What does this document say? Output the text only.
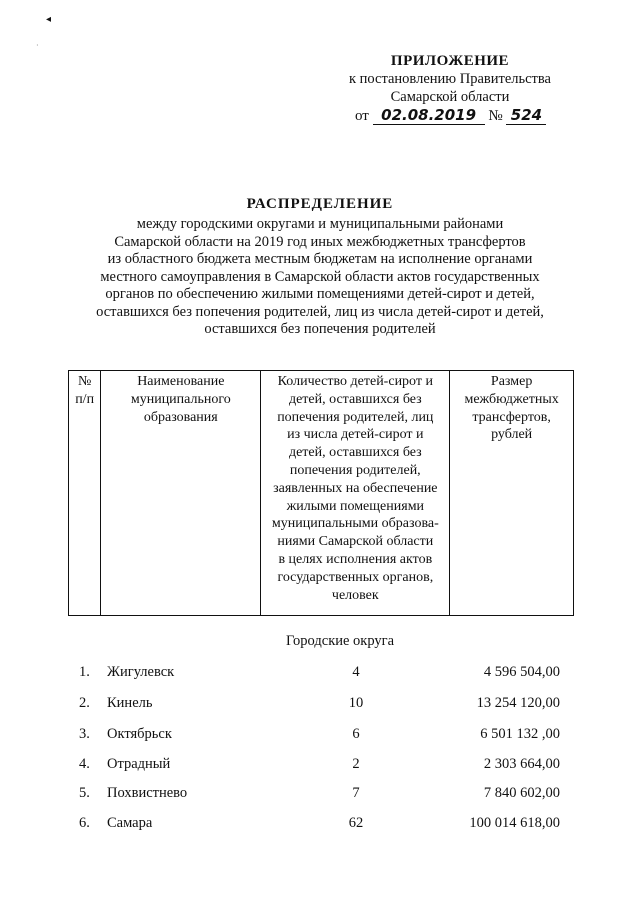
◂
·
ПРИЛОЖЕНИЕ
к постановлению Правительства
Самарской области
от 02.08.2019 № 524
РАСПРЕДЕЛЕНИЕ
между городскими округами и муниципальными районами
Самарской области на 2019 год иных межбюджетных трансфертов
из областного бюджета местным бюджетам на исполнение органами
местного самоуправления в Самарской области актов государственных
органов по обеспечению жилыми помещениями детей-сирот и детей,
оставшихся без попечения родителей, лиц из числа детей-сирот и детей,
оставшихся без попечения родителей
№
п/п

Наименование
муниципального
образования

Количество детей-сирот и
детей, оставшихся без
попечения родителей, лиц
из числа детей-сирот и
детей, оставшихся без
попечения родителей,
заявленных на обеспечение
жилыми помещениями
муниципальными образова-
ниями Самарской области
в целях исполнения актов
государственных органов,
человек

Размер
межбюджетных
трансфертов,
рублей
Городские округа
1. Жигулевск	4	4 596 504,00
2. Кинель	10	13 254 120,00
3. Октябрьск	6	6 501 132 ,00
4. Отрадный	2	2 303 664,00
5. Похвистнево	7	7 840 602,00
6. Самара	62	100 014 618,00
